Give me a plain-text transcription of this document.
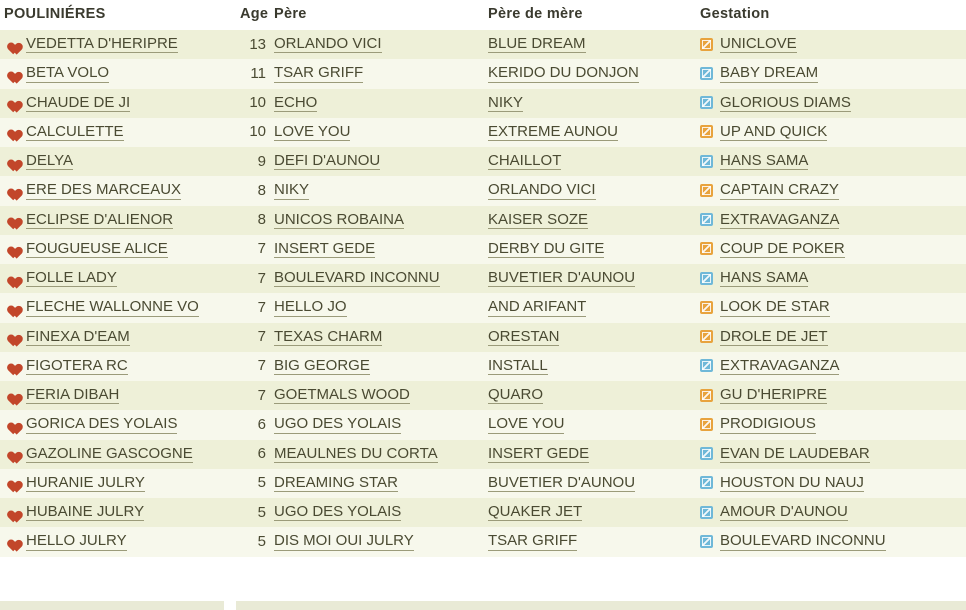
POULINIÉRES	Age	Père	Père de mère	Gestation

VEDETTA D'HERIPRE	13	ORLANDO VICI	BLUE DREAM	UNICLOVE

BETA VOLO	11	TSAR GRIFF	KERIDO DU DONJON	BABY DREAM

CHAUDE DE JI	10	ECHO	NIKY	GLORIOUS DIAMS

CALCULETTE	10	LOVE YOU	EXTREME AUNOU	UP AND QUICK

DELYA	9	DEFI D'AUNOU	CHAILLOT	HANS SAMA

ERE DES MARCEAUX	8	NIKY	ORLANDO VICI	CAPTAIN CRAZY

ECLIPSE D'ALIENOR	8	UNICOS ROBAINA	KAISER SOZE	EXTRAVAGANZA

FOUGUEUSE ALICE	7	INSERT GEDE	DERBY DU GITE	COUP DE POKER

FOLLE LADY	7	BOULEVARD INCONNU	BUVETIER D'AUNOU	HANS SAMA

FLECHE WALLONNE VO	7	HELLO JO	AND ARIFANT	LOOK DE STAR

FINEXA D'EAM	7	TEXAS CHARM	ORESTAN	DROLE DE JET

FIGOTERA RC	7	BIG GEORGE	INSTALL	EXTRAVAGANZA

FERIA DIBAH	7	GOETMALS WOOD	QUARO	GU D'HERIPRE

GORICA DES YOLAIS	6	UGO DES YOLAIS	LOVE YOU	PRODIGIOUS

GAZOLINE GASCOGNE	6	MEAULNES DU CORTA	INSERT GEDE	EVAN DE LAUDEBAR

HURANIE JULRY	5	DREAMING STAR	BUVETIER D'AUNOU	HOUSTON DU NAUJ

HUBAINE JULRY	5	UGO DES YOLAIS	QUAKER JET	AMOUR D'AUNOU

HELLO JULRY	5	DIS MOI OUI JULRY	TSAR GRIFF	BOULEVARD INCONNU
